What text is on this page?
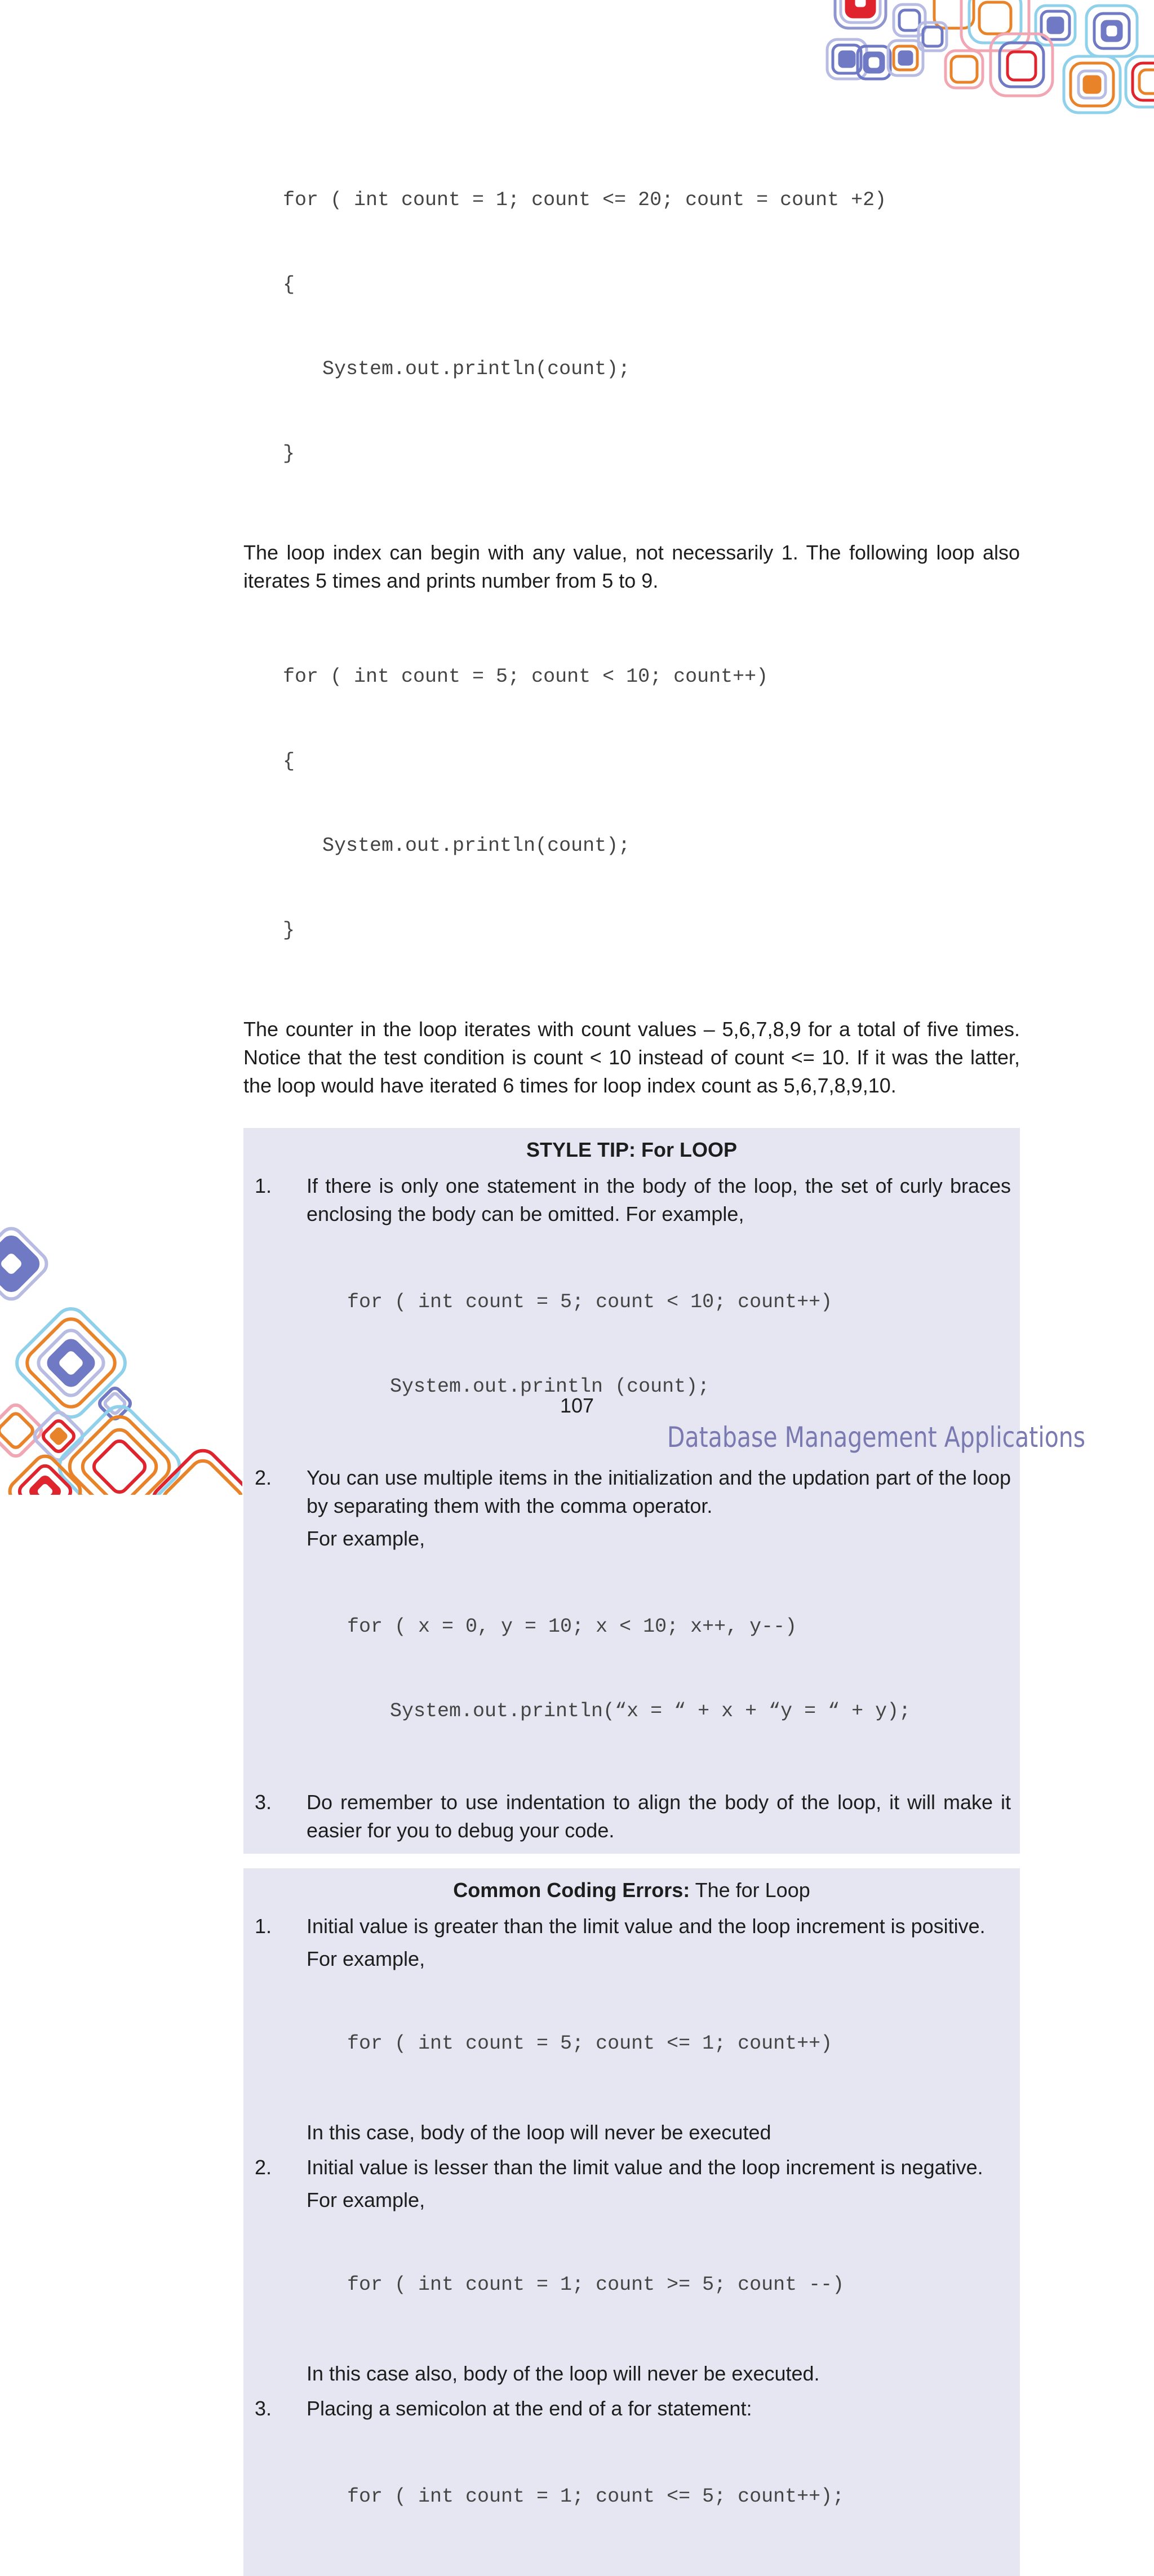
for ( int count = 1; count <= 20; count = count +2)

{

System.out.println(count);

}

The loop index can begin with any value, not necessarily 1. The following loop also iterates 5 times and prints number from 5 to 9.

for ( int count = 5; count < 10; count++)

{

System.out.println(count);

}

The counter in the loop iterates with count values – 5,6,7,8,9 for a total of five times. Notice that the test condition is count < 10 instead of count <= 10. If it was the latter, the loop would have iterated 6 times for loop index count as 5,6,7,8,9,10.

STYLE TIP: For LOOP

1. If there is only one statement in the body of the loop, the set of curly braces enclosing the body can be omitted. For example,

for ( int count = 5; count < 10; count++)

System.out.println (count);

2. You can use multiple items in the initialization and the updation part of the loop by separating them with the comma operator.

For example,

for ( x = 0, y = 10; x < 10; x++, y--)

System.out.println(“x = “ + x + “y = “ + y);

3. Do remember to use indentation to align the body of the loop, it will make it easier for you to debug your code.

Common Coding Errors: The for Loop

1. Initial value is greater than the limit value and the loop increment is positive.

For example,

for ( int count = 5; count <= 1; count++)

In this case, body of the loop will never be executed

2. Initial value is lesser than the limit value and the loop increment is negative.

For example,

for ( int count = 1; count >= 5; count --)

In this case also, body of the loop will never be executed.

3. Placing a semicolon at the end of a for statement:

for ( int count = 1; count <= 5; count++);

107
Database Management Applications
